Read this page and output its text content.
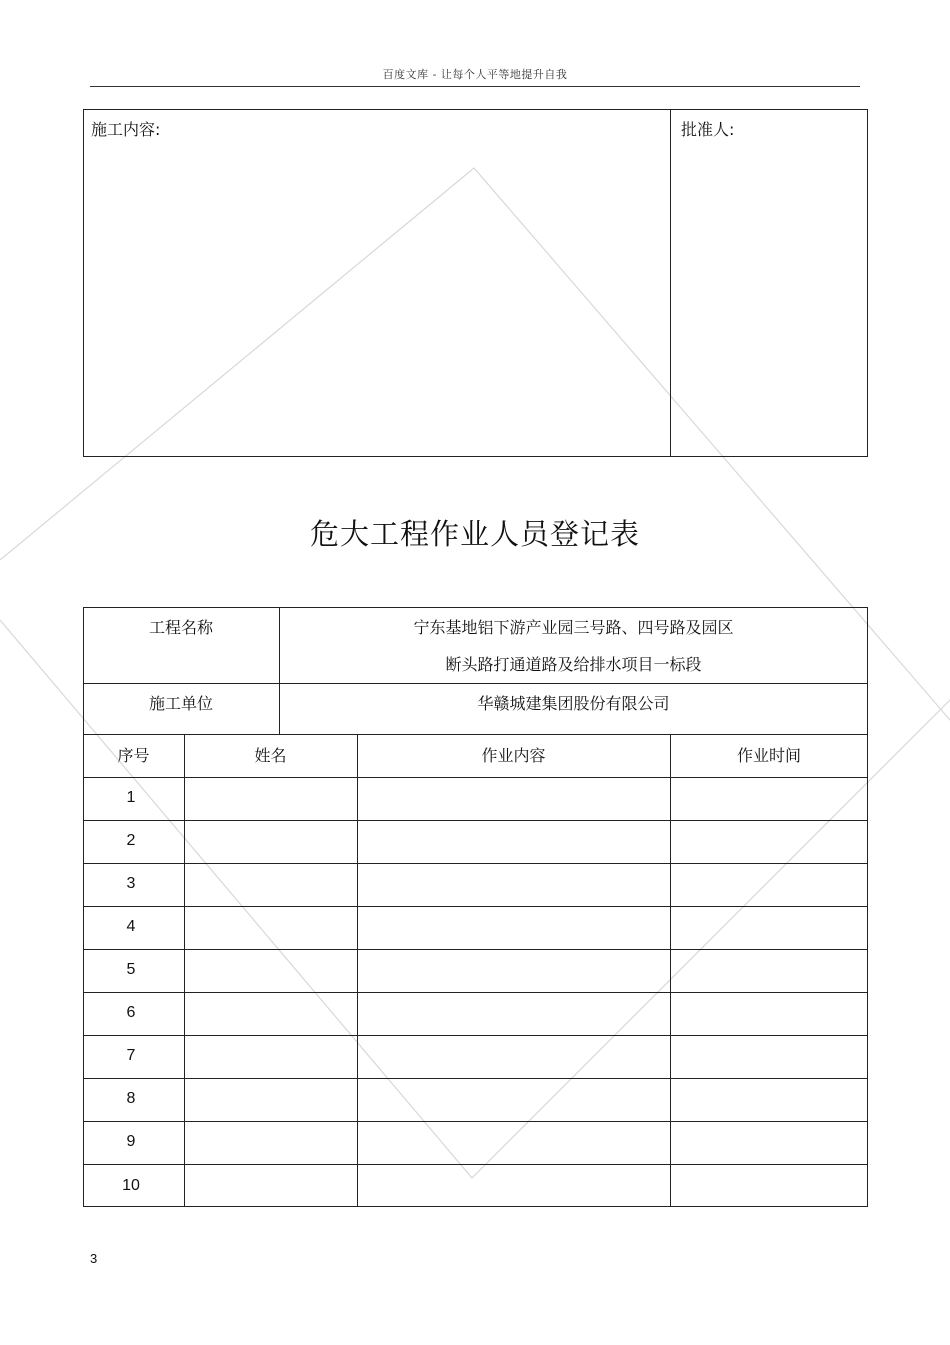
百度文库 - 让每个人平等地提升自我
施工内容:	批准人:
危大工程作业人员登记表
工程名称	宁东基地铝下游产业园三号路、四号路及园区
断头路打通道路及给排水项目一标段
施工单位	华赣城建集团股份有限公司
序号	姓名	作业内容	作业时间
1
2
3
4
5
6
7
8
9
10
3
